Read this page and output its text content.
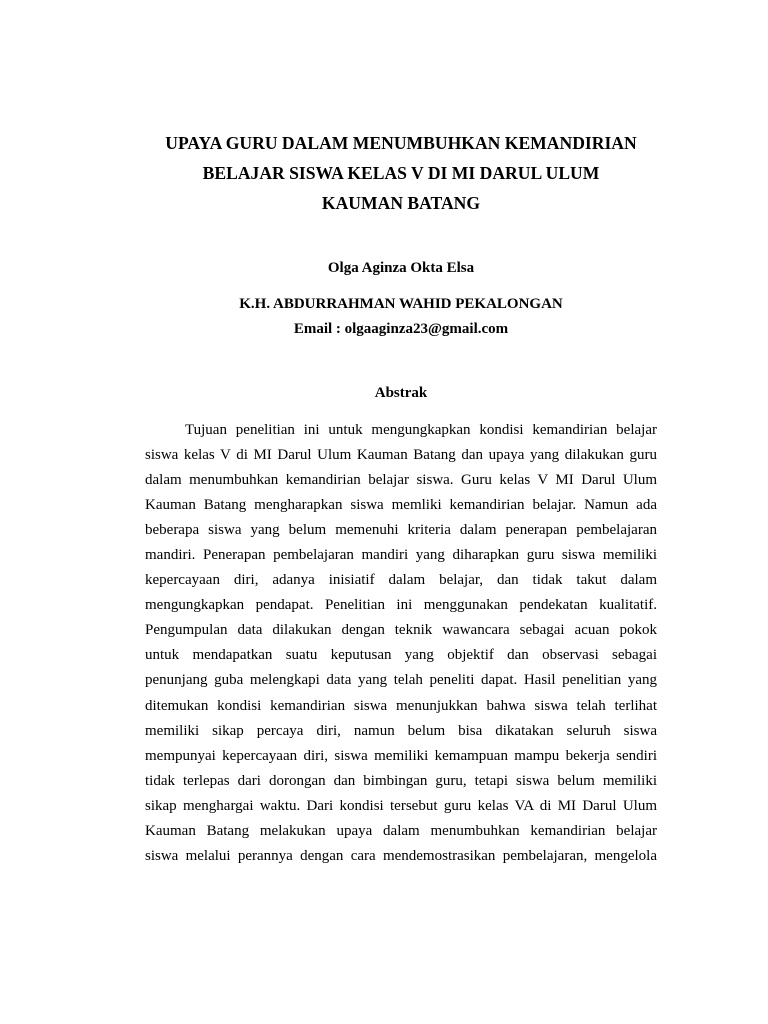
UPAYA GURU DALAM MENUMBUHKAN KEMANDIRIAN
BELAJAR SISWA KELAS V DI MI DARUL ULUM
KAUMAN BATANG
Olga Aginza Okta Elsa
K.H. ABDURRAHMAN WAHID PEKALONGAN
Email : olgaaginza23@gmail.com
Abstrak
Tujuan penelitian ini untuk mengungkapkan kondisi kemandirian belajar
siswa kelas V di MI Darul Ulum Kauman Batang dan upaya yang dilakukan guru
dalam menumbuhkan kemandirian belajar siswa. Guru kelas V MI Darul Ulum
Kauman Batang mengharapkan siswa memliki kemandirian belajar. Namun ada
beberapa siswa yang belum memenuhi kriteria dalam penerapan pembelajaran
mandiri. Penerapan pembelajaran mandiri yang diharapkan guru siswa memiliki
kepercayaan diri, adanya inisiatif dalam belajar, dan tidak takut dalam
mengungkapkan pendapat. Penelitian ini menggunakan pendekatan kualitatif.
Pengumpulan data dilakukan dengan teknik wawancara sebagai acuan pokok
untuk mendapatkan suatu keputusan yang objektif dan observasi sebagai
penunjang guba melengkapi data yang telah peneliti dapat. Hasil penelitian yang
ditemukan kondisi kemandirian siswa menunjukkan bahwa siswa telah terlihat
memiliki sikap percaya diri, namun belum bisa dikatakan seluruh siswa
mempunyai kepercayaan diri, siswa memiliki kemampuan mampu bekerja sendiri
tidak terlepas dari dorongan dan bimbingan guru, tetapi siswa belum memiliki
sikap menghargai waktu. Dari kondisi tersebut guru kelas VA di MI Darul Ulum
Kauman Batang melakukan upaya dalam menumbuhkan kemandirian belajar
siswa melalui perannya dengan cara mendemostrasikan pembelajaran, mengelola
